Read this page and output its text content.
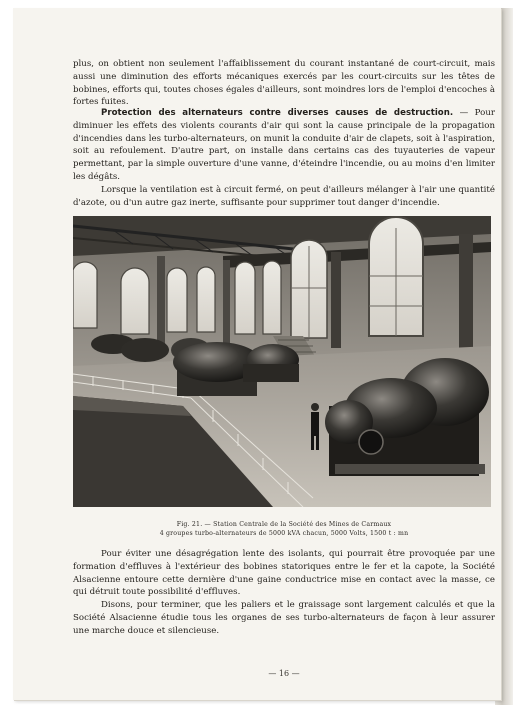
plus, on obtient non seulement l'affaiblissement du courant instantané de court-circuit, mais aussi une diminution des efforts mécaniques exercés par les court-circuits sur les têtes de bobines, efforts qui, toutes choses égales d'ailleurs, sont moindres lors de l'emploi d'encoches à fortes fuites.

Protection des alternateurs contre diverses causes de destruction. — Pour diminuer les effets des violents courants d'air qui sont la cause principale de la propagation d'incendies dans les turbo-alternateurs, on munit la conduite d'air de clapets, soit à l'aspiration, soit au refoulement. D'autre part, on installe dans certains cas des tuyauteries de vapeur permettant, par la simple ouverture d'une vanne, d'éteindre l'incendie, ou au moins d'en limiter les dégâts.

Lorsque la ventilation est à circuit fermé, on peut d'ailleurs mélanger à l'air une quantité d'azote, ou d'un autre gaz inerte, suffisante pour supprimer tout danger d'incendie.

Fig. 21. — Station Centrale de la Société des Mines de Carmaux
4 groupes turbo-alternateurs de 5000 kVA chacun, 5000 Volts, 1500 t : mn

Pour éviter une désagrégation lente des isolants, qui pourrait être provoquée par une formation d'effluves à l'extérieur des bobines statoriques entre le fer et la capote, la Société Alsacienne entoure cette dernière d'une gaine conductrice mise en contact avec la masse, ce qui détruit toute possibilité d'effluves.

Disons, pour terminer, que les paliers et le graissage sont largement calculés et que la Société Alsacienne étudie tous les organes de ses turbo-alternateurs de façon à leur assurer une marche douce et silencieuse.

— 16 —
